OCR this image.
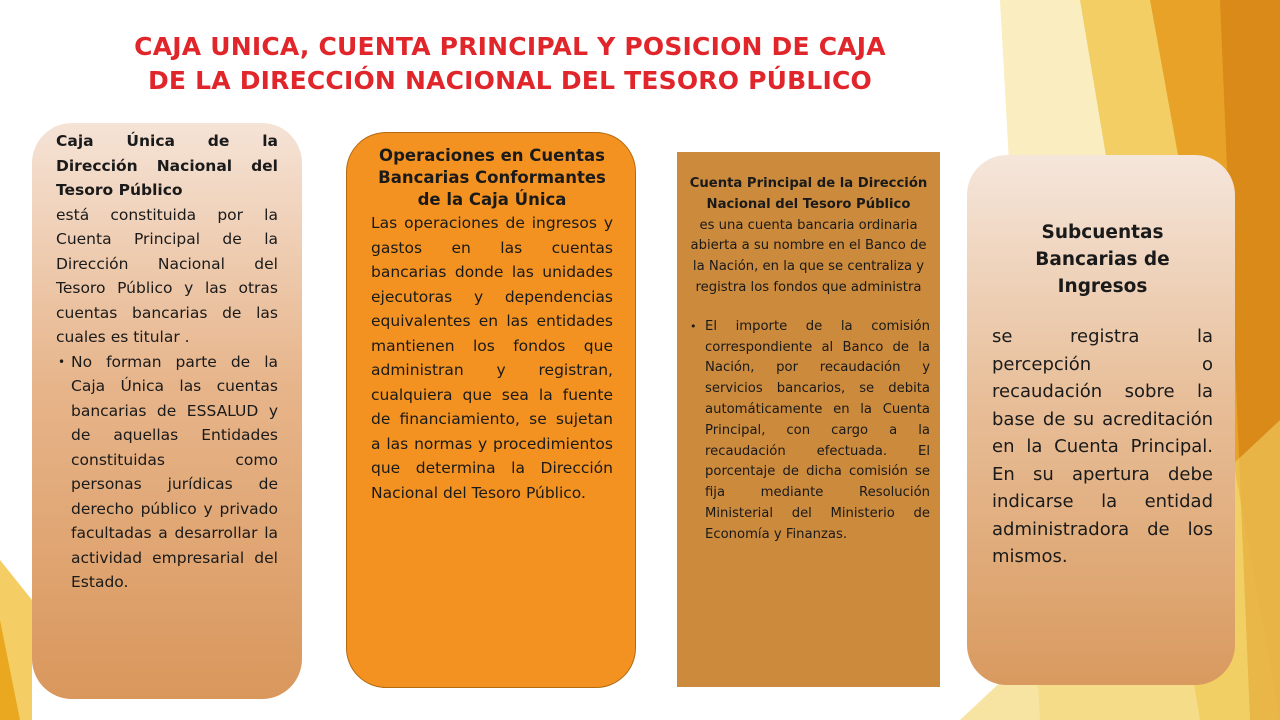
CAJA UNICA, CUENTA PRINCIPAL Y POSICION DE CAJA
DE LA DIRECCIÓN NACIONAL DEL TESORO PÚBLICO
Caja Única de la Dirección Nacional del Tesoro Público
está constituida por la Cuenta Principal de la Dirección Nacional del Tesoro Público y las otras cuentas bancarias de las cuales es titular .
• No forman parte de la Caja Única las cuentas bancarias de ESSALUD y de aquellas Entidades constituidas como personas jurídicas de derecho público y privado facultadas a desarrollar la actividad empresarial del Estado.
Operaciones en Cuentas Bancarias Conformantes de la Caja Única
Las operaciones de ingresos y gastos en las cuentas bancarias donde las unidades ejecutoras y dependencias equivalentes en las entidades mantienen los fondos que administran y registran, cualquiera que sea la fuente de financiamiento, se sujetan a las normas y procedimientos que determina la Dirección Nacional del Tesoro Público.
Cuenta Principal de la Dirección Nacional del Tesoro Público
es una cuenta bancaria ordinaria abierta a su nombre en el Banco de la Nación, en la que se centraliza y registra los fondos que administra
• El importe de la comisión correspondiente al Banco de la Nación, por recaudación y servicios bancarios, se debita automáticamente en la Cuenta Principal, con cargo a la recaudación efectuada. El porcentaje de dicha comisión se fija mediante Resolución Ministerial del Ministerio de Economía y Finanzas.
Subcuentas Bancarias de Ingresos
se registra la percepción o recaudación sobre la base de su acreditación en la Cuenta Principal. En su apertura debe indicarse la entidad administradora de los mismos.
